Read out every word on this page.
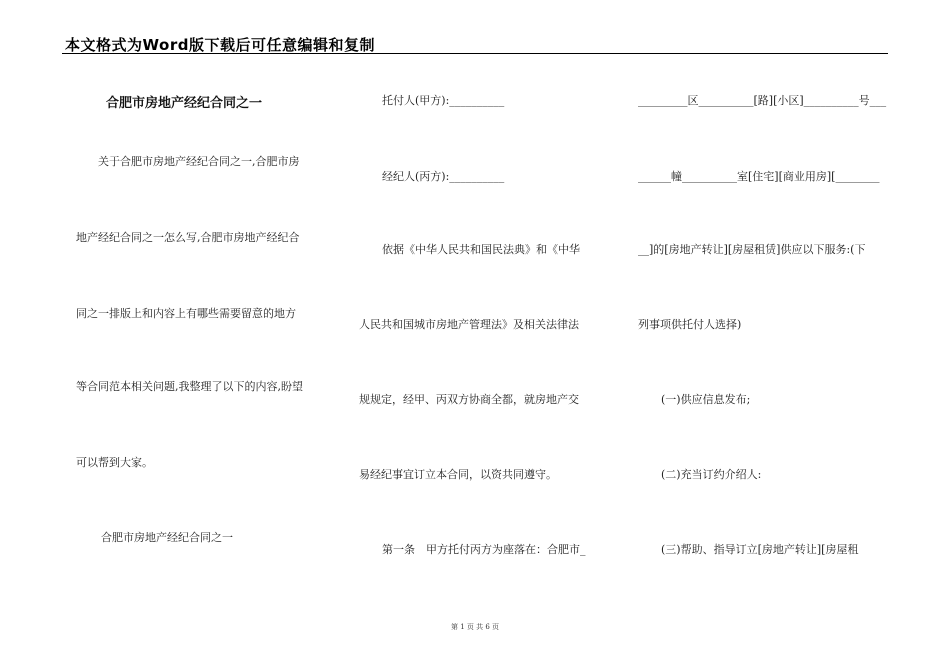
本文格式为Word版下载后可任意编辑和复制
合肥市房地产经纪合同之一
关于合肥市房地产经纪合同之一,合肥市房
地产经纪合同之一怎么写,合肥市房地产经纪合
同之一排版上和内容上有哪些需要留意的地方
等合同范本相关问题,我整理了以下的内容,盼望
可以帮到大家。
合肥市房地产经纪合同之一
托付人(甲方):__________
经纪人(丙方):__________
依据《中华人民共和国民法典》和《中华
人民共和国城市房地产管理法》及相关法律法
规规定，经甲、丙双方协商全都，就房地产交
易经纪事宜订立本合同，以资共同遵守。
第一条　甲方托付丙方为座落在：合肥市_
_________区__________[路][小区]__________号___
______幢__________室[住宅][商业用房][________
__]的[房地产转让][房屋租赁]供应以下服务:(下
列事项供托付人选择)
(一)供应信息发布;
(二)充当订约介绍人:
(三)帮助、指导订立[房地产转让][房屋租
第 1 页 共 6 页
